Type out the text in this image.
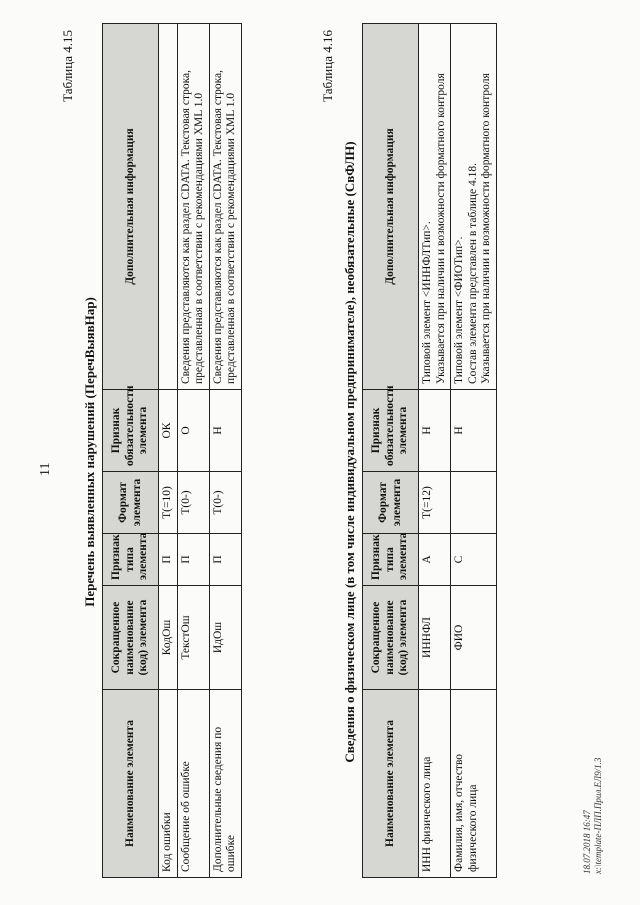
11
Таблица 4.15
Перечень выявленных нарушений (ПеречВыявНар)
Наименование элемента	Сокращенное наименование (код) элемента	Признак типа элемента	Формат элемента	Признак обязательности элемента	Дополнительная информация
Код ошибки	КодОш	П	T(=10)	ОК	
Сообщение об ошибке	ТекстОш	П	T(0-)	О	Сведения представляются как раздел CDATA. Текстовая строка, представленная в соответствии с рекомендациями XML 1.0
Дополнительные сведения по ошибке	ИдОш	П	T(0-)	Н	Сведения представляются как раздел CDATA. Текстовая строка, представленная в соответствии с рекомендациями XML 1.0
Таблица 4.16
Сведения о физическом лице (в том числе индивидуальном предпринимателе), необязательные (СвФЛН)
Наименование элемента	Сокращенное наименование (код) элемента	Признак типа элемента	Формат элемента	Признак обязательности элемента	Дополнительная информация
ИНН физического лица	ИННФЛ	А	T(=12)	Н	Типовой элемент <ИННФЛТип>. Указывается при наличии и возможности форматного контроля

Фамилия, имя, отчество физического лица	ФИО	С		Н	Типовой элемент <ФИОТип>. Состав элемента представлен в таблице 4.18. Указывается при наличии и возможности форматного контроля
18.07.2018 16:47 x:\template-ПЛП.Прил.ЕЛ9/1.3
